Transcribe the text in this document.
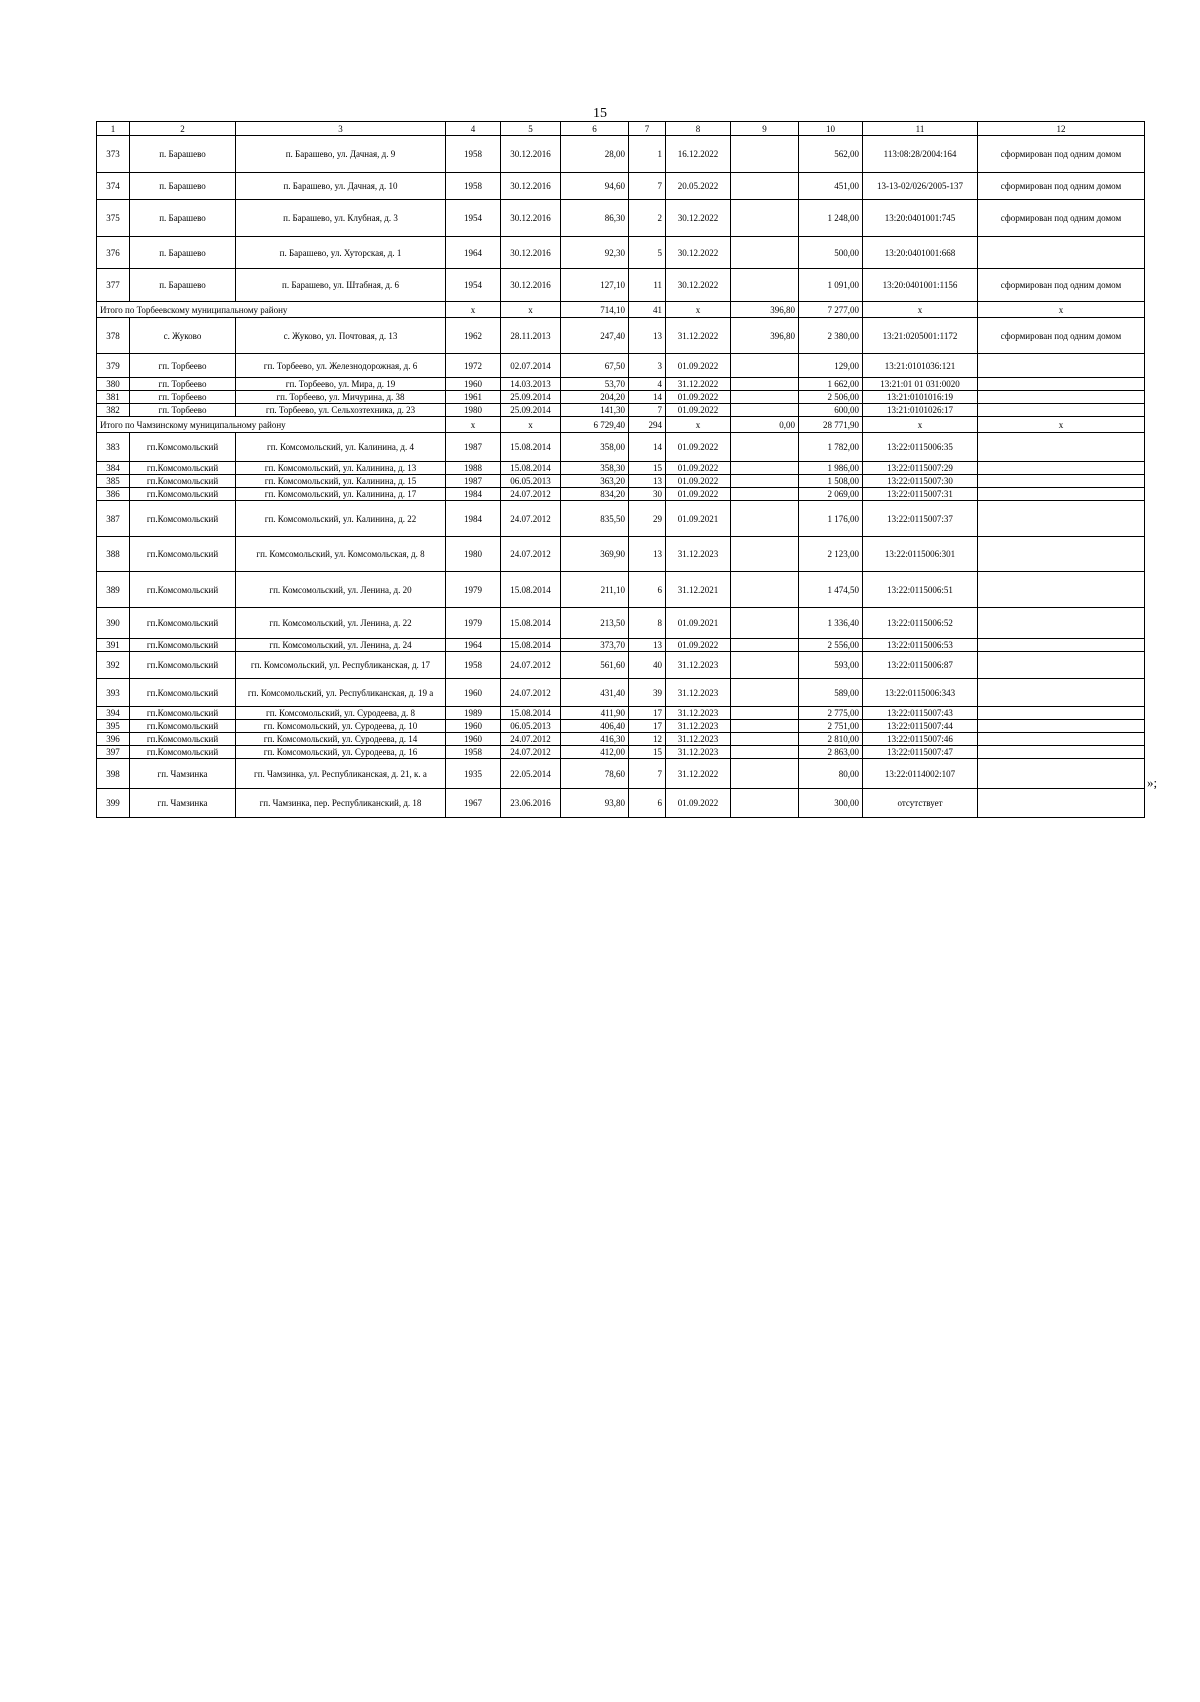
15
1	2	3	4	5	6	7	8	9	10	11	12
373	п. Барашево	п. Барашево, ул. Дачная, д. 9	1958	30.12.2016	28,00	1	16.12.2022		562,00	113:08:28/2004:164	сформирован под одним домом
374	п. Барашево	п. Барашево, ул. Дачная, д. 10	1958	30.12.2016	94,60	7	20.05.2022		451,00	13-13-02/026/2005-137	сформирован под одним домом
375	п. Барашево	п. Барашево, ул. Клубная, д. 3	1954	30.12.2016	86,30	2	30.12.2022		1 248,00	13:20:0401001:745	сформирован под одним домом
376	п. Барашево	п. Барашево, ул. Хуторская, д. 1	1964	30.12.2016	92,30	5	30.12.2022		500,00	13:20:0401001:668	
377	п. Барашево	п. Барашево, ул. Штабная, д. 6	1954	30.12.2016	127,10	11	30.12.2022		1 091,00	13:20:0401001:1156	сформирован под одним домом
Итого по Торбеевскому муниципальному району			х	х	714,10	41	х	396,80	7 277,00	х	х
378	с. Жуково	с. Жуково, ул. Почтовая, д. 13	1962	28.11.2013	247,40	13	31.12.2022	396,80	2 380,00	13:21:0205001:1172	сформирован под одним домом
379	гп. Торбеево	гп. Торбеево, ул. Железнодорожная, д. 6	1972	02.07.2014	67,50	3	01.09.2022		129,00	13:21:0101036:121	
380	гп. Торбеево	гп. Торбеево, ул. Мира, д. 19	1960	14.03.2013	53,70	4	31.12.2022		1 662,00	13:21:01 01 031:0020	
381	гп. Торбеево	гп. Торбеево, ул. Мичурина, д. 38	1961	25.09.2014	204,20	14	01.09.2022		2 506,00	13:21:0101016:19	
382	гп. Торбеево	гп. Торбеево, ул. Сельхозтехника, д. 23	1980	25.09.2014	141,30	7	01.09.2022		600,00	13:21:0101026:17	
Итого по Чамзинскому муниципальному району			х	х	6 729,40	294	х	0,00	28 771,90	х	х
383	гп.Комсомольский	гп. Комсомольский, ул. Калинина, д. 4	1987	15.08.2014	358,00	14	01.09.2022		1 782,00	13:22:0115006:35	
384	гп.Комсомольский	гп. Комсомольский, ул. Калинина, д. 13	1988	15.08.2014	358,30	15	01.09.2022		1 986,00	13:22:0115007:29	
385	гп.Комсомольский	гп. Комсомольский, ул. Калинина, д. 15	1987	06.05.2013	363,20	13	01.09.2022		1 508,00	13:22:0115007:30	
386	гп.Комсомольский	гп. Комсомольский, ул. Калинина, д. 17	1984	24.07.2012	834,20	30	01.09.2022		2 069,00	13:22:0115007:31	
387	гп.Комсомольский	гп. Комсомольский, ул. Калинина, д. 22	1984	24.07.2012	835,50	29	01.09.2021		1 176,00	13:22:0115007:37	
388	гп.Комсомольский	гп. Комсомольский, ул. Комсомольская, д. 8	1980	24.07.2012	369,90	13	31.12.2023		2 123,00	13:22:0115006:301	
389	гп.Комсомольский	гп. Комсомольский, ул. Ленина, д. 20	1979	15.08.2014	211,10	6	31.12.2021		1 474,50	13:22:0115006:51	
390	гп.Комсомольский	гп. Комсомольский, ул. Ленина, д. 22	1979	15.08.2014	213,50	8	01.09.2021		1 336,40	13:22:0115006:52	
391	гп.Комсомольский	гп. Комсомольский, ул. Ленина, д. 24	1964	15.08.2014	373,70	13	01.09.2022		2 556,00	13:22:0115006:53	
392	гп.Комсомольский	гп. Комсомольский, ул. Республиканская, д. 17	1958	24.07.2012	561,60	40	31.12.2023		593,00	13:22:0115006:87	
393	гп.Комсомольский	гп. Комсомольский, ул. Республиканская, д. 19 а	1960	24.07.2012	431,40	39	31.12.2023		589,00	13:22:0115006:343	
394	гп.Комсомольский	гп. Комсомольский, ул. Суродеева, д. 8	1989	15.08.2014	411,90	17	31.12.2023		2 775,00	13:22:0115007:43	
395	гп.Комсомольский	гп. Комсомольский, ул. Суродеева, д. 10	1960	06.05.2013	406,40	17	31.12.2023		2 751,00	13:22:0115007:44	
396	гп.Комсомольский	гп. Комсомольский, ул. Суродеева, д. 14	1960	24.07.2012	416,30	12	31.12.2023		2 810,00	13:22:0115007:46	
397	гп.Комсомольский	гп. Комсомольский, ул. Суродеева, д. 16	1958	24.07.2012	412,00	15	31.12.2023		2 863,00	13:22:0115007:47	
398	гп. Чамзинка	гп. Чамзинка, ул. Республиканская, д. 21, к. а	1935	22.05.2014	78,60	7	31.12.2022		80,00	13:22:0114002:107	
399	гп. Чамзинка	гп. Чамзинка, пер. Республиканский, д. 18	1967	23.06.2016	93,80	6	01.09.2022		300,00	отсутствует	
»;
